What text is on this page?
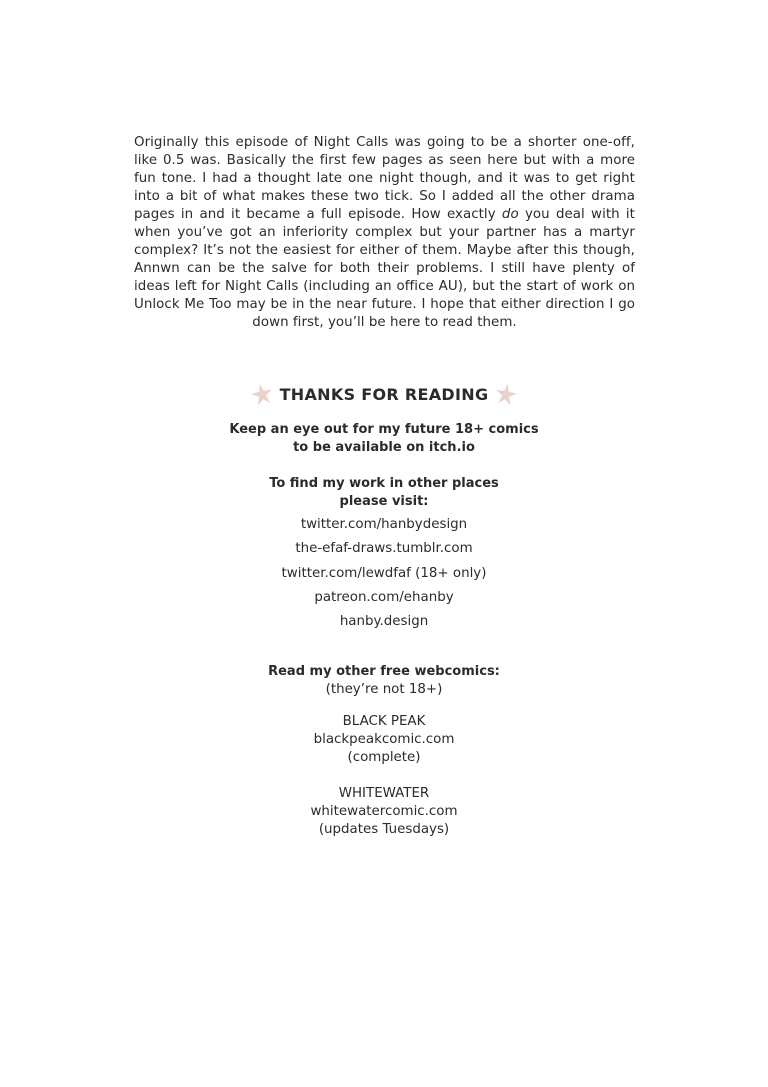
Originally this episode of Night Calls was going to be a shorter one-off, like 0.5 was. Basically the first few pages as seen here but with a more fun tone. I had a thought late one night though, and it was to get right into a bit of what makes these two tick. So I added all the other drama pages in and it became a full episode. How exactly do you deal with it when you’ve got an inferiority complex but your partner has a martyr complex? It’s not the easiest for either of them. Maybe after this though, Annwn can be the salve for both their problems. I still have plenty of ideas left for Night Calls (including an office AU), but the start of work on Unlock Me Too may be in the near future. I hope that either direction I go down first, you’ll be here to read them.

THANKS FOR READING

Keep an eye out for my future 18+ comics

to be available on itch.io

To find my work in other places

please visit:

twitter.com/hanbydesign

the-efaf-draws.tumblr.com

twitter.com/lewdfaf (18+ only)

patreon.com/ehanby

hanby.design

Read my other free webcomics:

(they’re not 18+)

BLACK PEAK

blackpeakcomic.com

(complete)

WHITEWATER

whitewatercomic.com

(updates Tuesdays)
